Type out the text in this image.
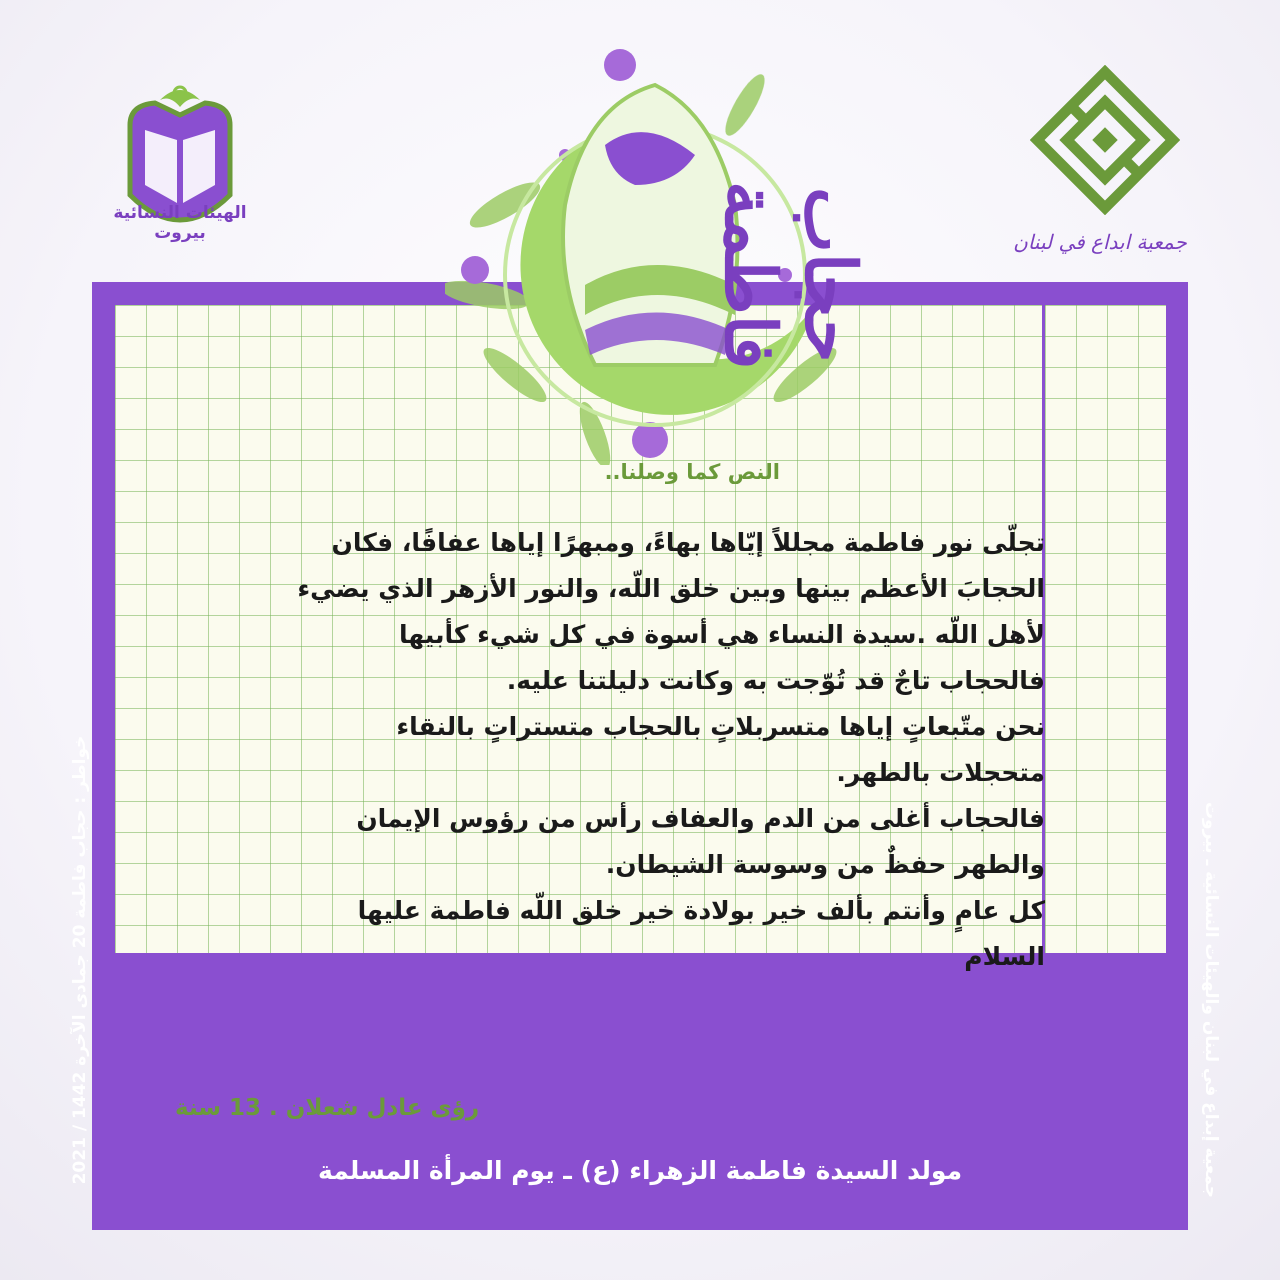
خواطر : حجاب فاطمة 20 جمادى الآخرة 1442 / 2021	جمعية إبداع في لبنان والهيئات النسائية ـ بيروت
الهيئات النسائية بيروت	جمعية ابداع في لبنان
حجاب فاطمة
النص كما وصلنا..

تجلّى نور فاطمة مجللاً إيّاها بهاءً، ومبهرًا إياها عفافًا، فكان الحجابَ الأعظم بينها وبين خلق اللّه، والنور الأزهر الذي يضيء لأهل اللّه .سيدة النساء هي أسوة في كل شيء كأبيها فالحجاب تاجٌ قد تُوّجت به وكانت دليلتنا عليه.

نحن متّبعاتٍ إياها متسربلاتٍ بالحجاب متستراتٍ بالنقاء متحجلات بالطهر.

فالحجاب أغلى من الدم والعفاف رأس من رؤوس الإيمان والطهر حفظٌ من وسوسة الشيطان.

كل عامٍ وأنتم بألف خير بولادة خير خلق اللّه فاطمة عليها السلام

رؤى عادل شعلان . 13 سنة
مولد السيدة فاطمة الزهراء (ع) ـ يوم المرأة المسلمة
